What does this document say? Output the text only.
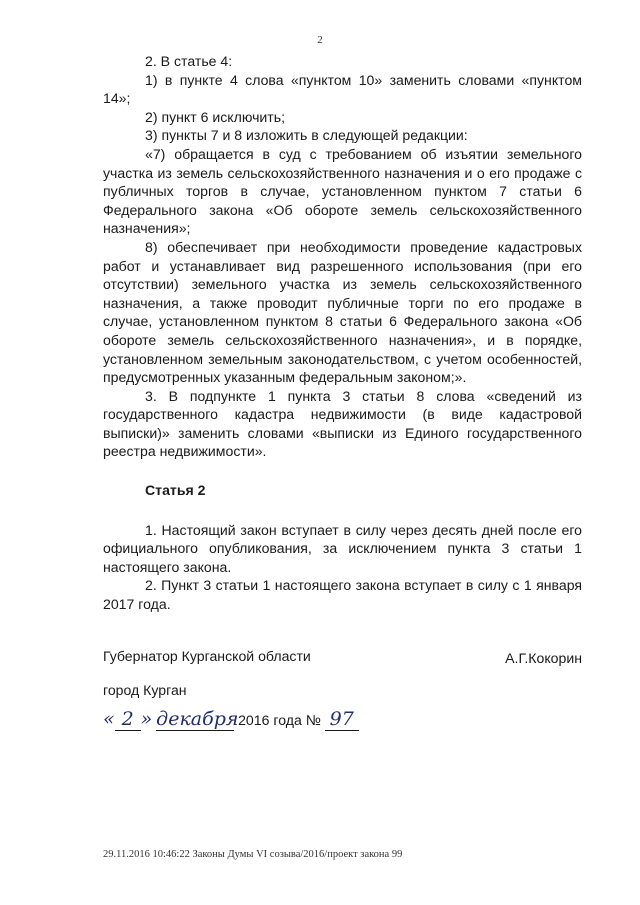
2

2. В статье 4:

1) в пункте 4 слова «пунктом 10» заменить словами «пунктом 14»;

2) пункт 6 исключить;

3) пункты 7 и 8 изложить в следующей редакции:

«7) обращается в суд с требованием об изъятии земельного участка из земель сельскохозяйственного назначения и о его продаже с публичных торгов в случае, установленном пунктом 7 статьи 6 Федерального закона «Об обороте земель сельскохозяйственного назначения»;

8) обеспечивает при необходимости проведение кадастровых работ и устанавливает вид разрешенного использования (при его отсутствии) земельного участка из земель сельскохозяйственного назначения, а также проводит публичные торги по его продаже в случае, установленном пунктом 8 статьи 6 Федерального закона «Об обороте земель сельскохозяйственного назначения», и в порядке, установленном земельным законодательством, с учетом особенностей, предусмотренных указанным федеральным законом;».

3. В подпункте 1 пункта 3 статьи 8 слова «сведений из государственного кадастра недвижимости (в виде кадастровой выписки)» заменить словами «выписки из Единого государственного реестра недвижимости».

Статья 2

1. Настоящий закон вступает в силу через десять дней после его официального опубликования, за исключением пункта 3 статьи 1 настоящего закона.

2. Пункт 3 статьи 1 настоящего закона вступает в силу с 1 января 2017 года.

Губернатор Курганской области	А.Г.Кокорин
город Курган
« 2 » декабря 2016 года № 97
29.11.2016 10:46:22 Законы Думы VI созыва/2016/проект закона 99
